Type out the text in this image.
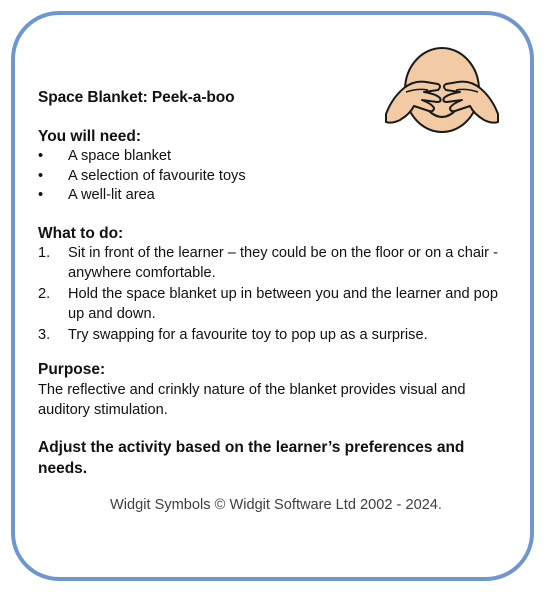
Space Blanket: Peek-a-boo
You will need:
• A space blanket
• A selection of favourite toys
• A well-lit area
What to do:
1. Sit in front of the learner – they could be on the floor or on a chair - anywhere comfortable.
2. Hold the space blanket up in between you and the learner and pop up and down.
3. Try swapping for a favourite toy to pop up as a surprise.
Purpose:
The reflective and crinkly nature of the blanket provides visual and auditory stimulation.
Adjust the activity based on the learner’s preferences and needs.
Widgit Symbols © Widgit Software Ltd 2002 - 2024.
